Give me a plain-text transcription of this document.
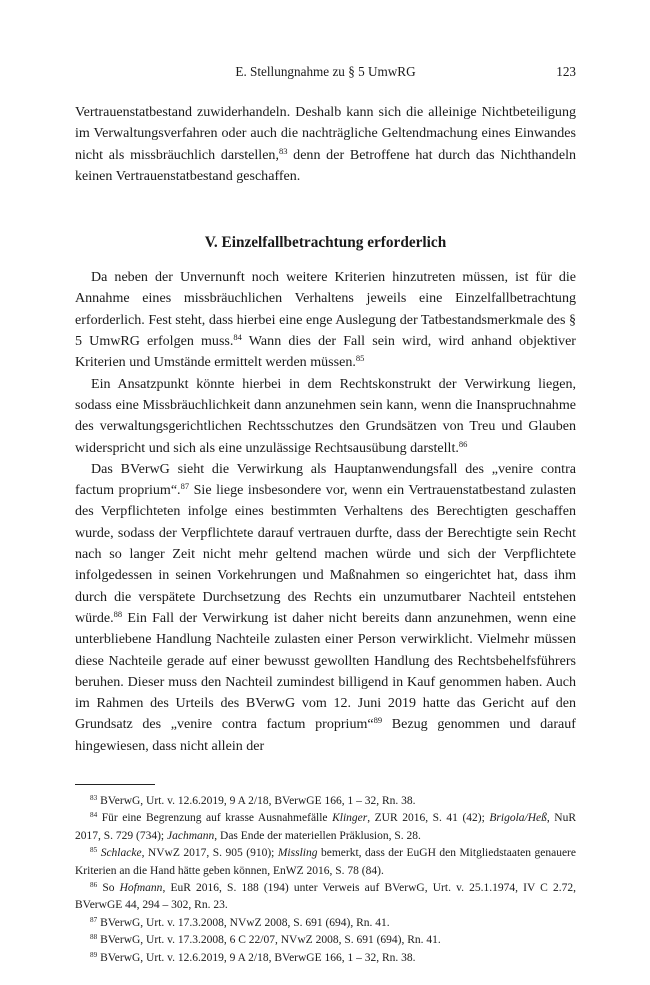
E. Stellungnahme zu § 5 UmwRG	123

Vertrauenstatbestand zuwiderhandeln. Deshalb kann sich die alleinige Nichtbeteiligung im Verwaltungsverfahren oder auch die nachträgliche Geltendmachung eines Einwandes nicht als missbräuchlich darstellen,$^{83}$ denn der Betroffene hat durch das Nichthandeln keinen Vertrauenstatbestand geschaffen.

V. Einzelfallbetrachtung erforderlich

Da neben der Unvernunft noch weitere Kriterien hinzutreten müssen, ist für die Annahme eines missbräuchlichen Verhaltens jeweils eine Einzelfallbetrachtung erforderlich. Fest steht, dass hierbei eine enge Auslegung der Tatbestandsmerkmale des § 5 UmwRG erfolgen muss.$^{84}$ Wann dies der Fall sein wird, wird anhand objektiver Kriterien und Umstände ermittelt werden müssen.$^{85}$

Ein Ansatzpunkt könnte hierbei in dem Rechtskonstrukt der Verwirkung liegen, sodass eine Missbräuchlichkeit dann anzunehmen sein kann, wenn die Inanspruchnahme des verwaltungsgerichtlichen Rechtsschutzes den Grundsätzen von Treu und Glauben widerspricht und sich als eine unzulässige Rechtsausübung darstellt.$^{86}$

Das BVerwG sieht die Verwirkung als Hauptanwendungsfall des „venire contra factum proprium“.$^{87}$ Sie liege insbesondere vor, wenn ein Vertrauenstatbestand zulasten des Verpflichteten infolge eines bestimmten Verhaltens des Berechtigten geschaffen wurde, sodass der Verpflichtete darauf vertrauen durfte, dass der Berechtigte sein Recht nach so langer Zeit nicht mehr geltend machen würde und sich der Verpflichtete infolgedessen in seinen Vorkehrungen und Maßnahmen so eingerichtet hat, dass ihm durch die verspätete Durchsetzung des Rechts ein unzumutbarer Nachteil entstehen würde.$^{88}$ Ein Fall der Verwirkung ist daher nicht bereits dann anzunehmen, wenn eine unterbliebene Handlung Nachteile zulasten einer Person verwirklicht. Vielmehr müssen diese Nachteile gerade auf einer bewusst gewollten Handlung des Rechtsbehelfsführers beruhen. Dieser muss den Nachteil zumindest billigend in Kauf genommen haben. Auch im Rahmen des Urteils des BVerwG vom 12. Juni 2019 hatte das Gericht auf den Grundsatz des „venire contra factum proprium“$^{89}$ Bezug genommen und darauf hingewiesen, dass nicht allein der

$^{83}$ BVerwG, Urt. v. 12.6.2019, 9 A 2/18, BVerwGE 166, 1 – 32, Rn. 38.

$^{84}$ Für eine Begrenzung auf krasse Ausnahmefälle Klinger, ZUR 2016, S. 41 (42); Brigola/Heß, NuR 2017, S. 729 (734); Jachmann, Das Ende der materiellen Präklusion, S. 28.

$^{85}$ Schlacke, NVwZ 2017, S. 905 (910); Missling bemerkt, dass der EuGH den Mitgliedstaaten genauere Kriterien an die Hand hätte geben können, EnWZ 2016, S. 78 (84).

$^{86}$ So Hofmann, EuR 2016, S. 188 (194) unter Verweis auf BVerwG, Urt. v. 25.1.1974, IV C 2.72, BVerwGE 44, 294 – 302, Rn. 23.

$^{87}$ BVerwG, Urt. v. 17.3.2008, NVwZ 2008, S. 691 (694), Rn. 41.

$^{88}$ BVerwG, Urt. v. 17.3.2008, 6 C 22/07, NVwZ 2008, S. 691 (694), Rn. 41.

$^{89}$ BVerwG, Urt. v. 12.6.2019, 9 A 2/18, BVerwGE 166, 1 – 32, Rn. 38.
